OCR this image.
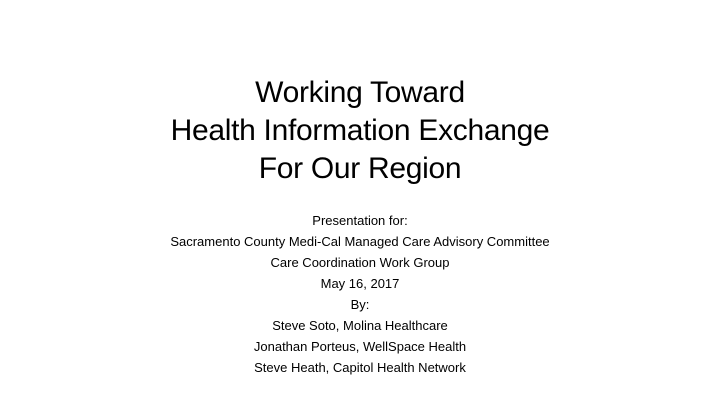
Working Toward
Health Information Exchange
For Our Region
Presentation for:
Sacramento County Medi-Cal Managed Care Advisory Committee
Care Coordination Work Group
May 16, 2017
By:
Steve Soto, Molina Healthcare
Jonathan Porteus, WellSpace Health
Steve Heath, Capitol Health Network
